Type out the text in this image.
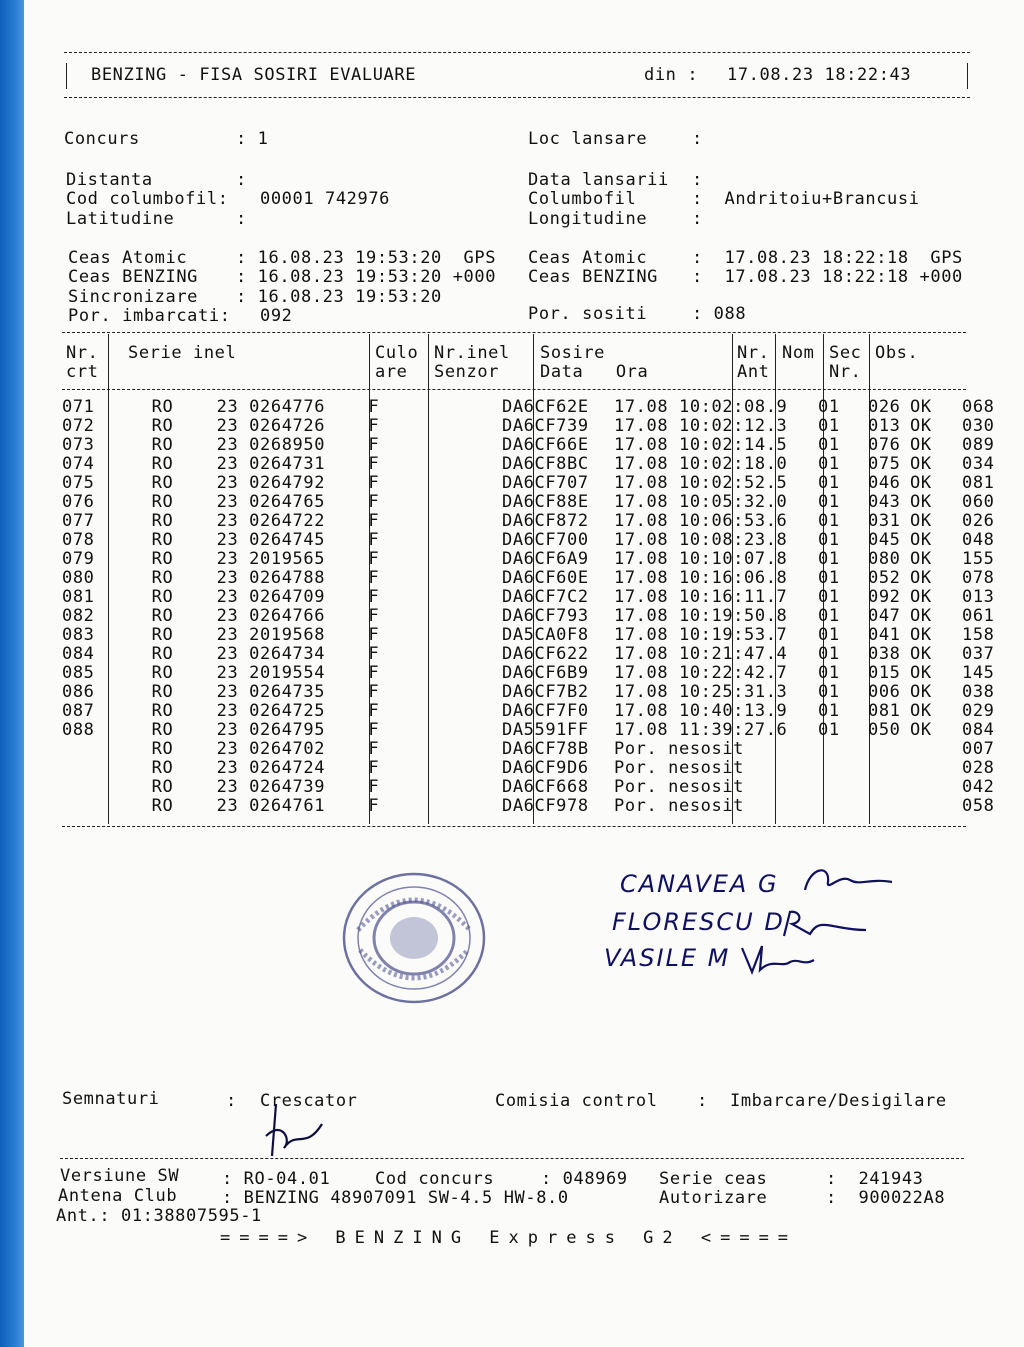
BENZING - FISA SOSIRI EVALUARE	din : 17.08.23 18:22:43
Concurs	: 1	Loc lansare	:
Distanta	:	Data lansarii :
Cod columbofil: 00001 742976	Columbofil	:  Andritoiu+Brancusi
Latitudine	:	Longitudine	:
Ceas Atomic	: 16.08.23 19:53:20  GPS Ceas Atomic	:  17.08.23 18:22:18  GPS
Ceas BENZING : 16.08.23 19:53:20 +000 Ceas BENZING :  17.08.23 18:22:18 +000
Sincronizare : 16.08.23 19:53:20
Por. imbarcati: 092	Por. sositi	: 088
Nr.
crt
Serie inel	Culo
are
Nr.inel
Senzor
Sosire
Data   Ora
Nr.
Ant
Nom Sec
Nr.
Obs.
071	RO    23 0264776    F		DA6CF62E	17.08 10:02:08.9	01	026	OK	068
072	RO    23 0264726    F		DA6CF739	17.08 10:02:12.3	01	013	OK	030
073	RO    23 0268950    F		DA6CF66E	17.08 10:02:14.5	01	076	OK	089
074	RO    23 0264731    F		DA6CF8BC	17.08 10:02:18.0	01	075	OK	034
075	RO    23 0264792    F		DA6CF707	17.08 10:02:52.5	01	046	OK	081
076	RO    23 0264765    F		DA6CF88E	17.08 10:05:32.0	01	043	OK	060
077	RO    23 0264722    F		DA6CF872	17.08 10:06:53.6	01	031	OK	026
078	RO    23 0264745    F		DA6CF700	17.08 10:08:23.8	01	045	OK	048
079	RO    23 2019565    F		DA6CF6A9	17.08 10:10:07.8	01	080	OK	155
080	RO    23 0264788    F		DA6CF60E	17.08 10:16:06.8	01	052	OK	078
081	RO    23 0264709    F		DA6CF7C2	17.08 10:16:11.7	01	092	OK	013
082	RO    23 0264766    F		DA6CF793	17.08 10:19:50.8	01	047	OK	061
083	RO    23 2019568    F		DA5CA0F8	17.08 10:19:53.7	01	041	OK	158
084	RO    23 0264734    F		DA6CF622	17.08 10:21:47.4	01	038	OK	037
085	RO    23 2019554    F		DA6CF6B9	17.08 10:22:42.7	01	015	OK	145
086	RO    23 0264735    F		DA6CF7B2	17.08 10:25:31.3	01	006	OK	038
087	RO    23 0264725    F		DA6CF7F0	17.08 10:40:13.9	01	081	OK	029
088	RO    23 0264795    F		DA5591FF	17.08 11:39:27.6	01	050	OK	084
	RO    23 0264702    F		DA6CF78B	Por. nesosit				007
	RO    23 0264724    F		DA6CF9D6	Por. nesosit				028
	RO    23 0264739    F		DA6CF668	Por. nesosit				042
	RO    23 0264761    F		DA6CF978	Por. nesosit				058
CANAVEA G
FLORESCU D
VASILE M
Semnaturi	: Crescator	Comisia control : Imbarcare/Desigilare
Versiune SW	: RO-04.01	Cod concurs	: 048969 Serie ceas	:  241943
Antena Club	: BENZING 48907091 SW-4.5 HW-8.0	Autorizare	:  900022A8
Ant.: 01:38807595-1
====> BENZING Express G2 <====
